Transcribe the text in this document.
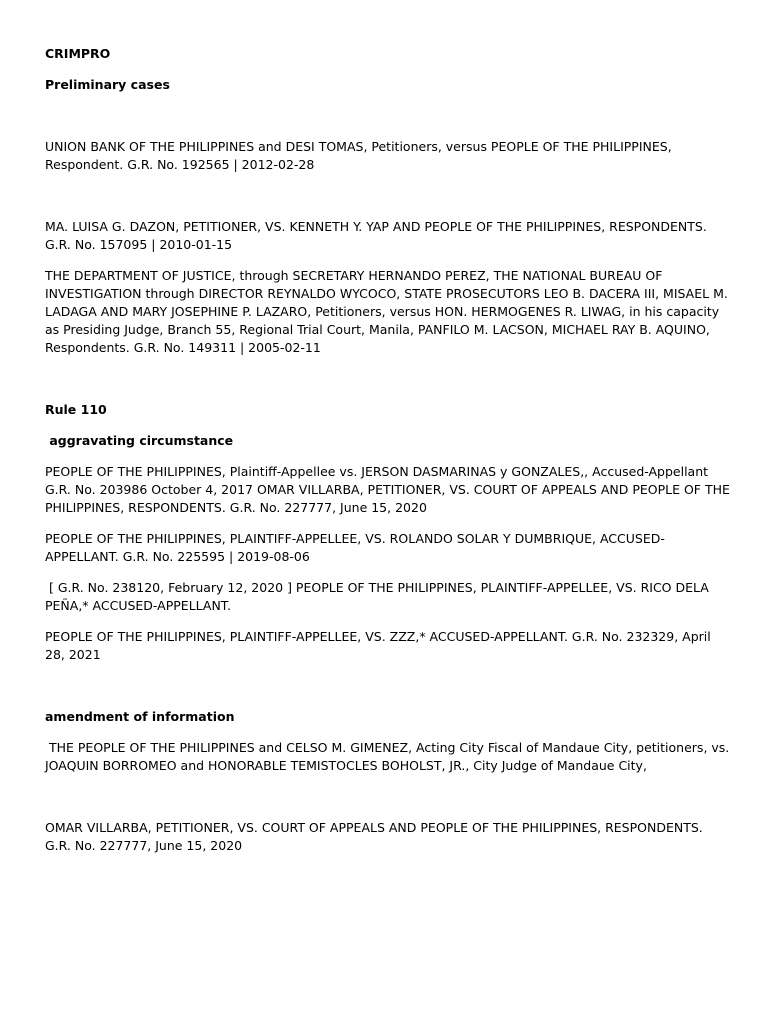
CRIMPRO

Preliminary cases

UNION BANK OF THE PHILIPPINES and DESI TOMAS, Petitioners, versus PEOPLE OF THE PHILIPPINES, Respondent. G.R. No. 192565 | 2012-02-28

MA. LUISA G. DAZON, PETITIONER, VS. KENNETH Y. YAP AND PEOPLE OF THE PHILIPPINES, RESPONDENTS. G.R. No. 157095 | 2010-01-15

THE DEPARTMENT OF JUSTICE, through SECRETARY HERNANDO PEREZ, THE NATIONAL BUREAU OF INVESTIGATION through DIRECTOR REYNALDO WYCOCO, STATE PROSECUTORS LEO B. DACERA III, MISAEL M. LADAGA AND MARY JOSEPHINE P. LAZARO, Petitioners, versus HON. HERMOGENES R. LIWAG, in his capacity as Presiding Judge, Branch 55, Regional Trial Court, Manila, PANFILO M. LACSON, MICHAEL RAY B. AQUINO, Respondents. G.R. No. 149311 | 2005-02-11

Rule 110

aggravating circumstance

PEOPLE OF THE PHILIPPINES, Plaintiff-Appellee vs. JERSON DASMARINAS y GONZALES,, Accused-Appellant G.R. No. 203986 October 4, 2017 OMAR VILLARBA, PETITIONER, VS. COURT OF APPEALS AND PEOPLE OF THE PHILIPPINES, RESPONDENTS. G.R. No. 227777, June 15, 2020

PEOPLE OF THE PHILIPPINES, PLAINTIFF-APPELLEE, VS. ROLANDO SOLAR Y DUMBRIQUE, ACCUSED-APPELLANT. G.R. No. 225595 | 2019-08-06

[ G.R. No. 238120, February 12, 2020 ] PEOPLE OF THE PHILIPPINES, PLAINTIFF-APPELLEE, VS. RICO DELA PEÑA,* ACCUSED-APPELLANT.

PEOPLE OF THE PHILIPPINES, PLAINTIFF-APPELLEE, VS. ZZZ,* ACCUSED-APPELLANT. G.R. No. 232329, April 28, 2021

amendment of information

THE PEOPLE OF THE PHILIPPINES and CELSO M. GIMENEZ, Acting City Fiscal of Mandaue City, petitioners, vs. JOAQUIN BORROMEO and HONORABLE TEMISTOCLES BOHOLST, JR., City Judge of Mandaue City,

OMAR VILLARBA, PETITIONER, VS. COURT OF APPEALS AND PEOPLE OF THE PHILIPPINES, RESPONDENTS. G.R. No. 227777, June 15, 2020
